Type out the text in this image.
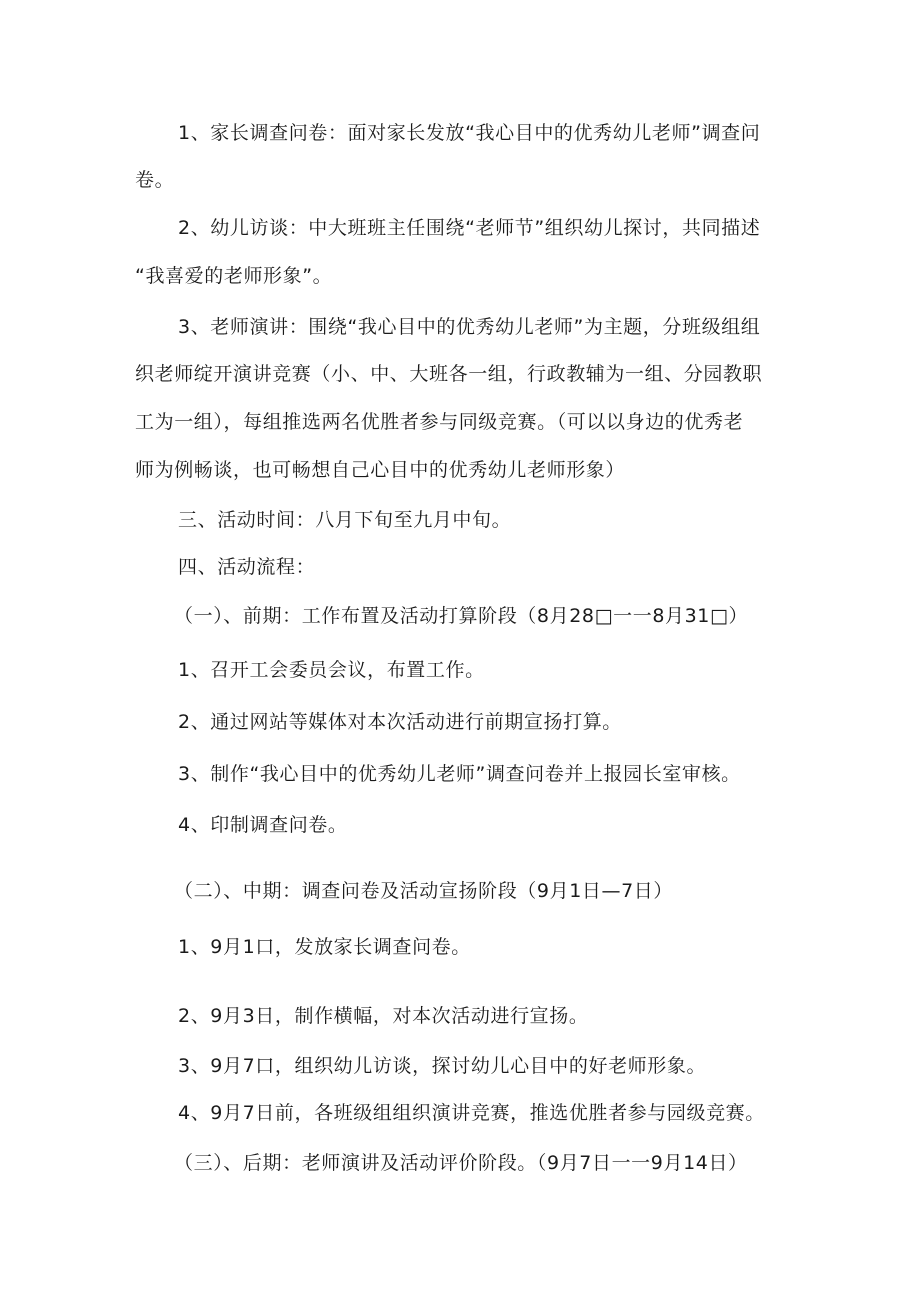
1、家长调查问卷：面对家长发放“我心目中的优秀幼儿老师”调查问
卷。
2、幼儿访谈：中大班班主任围绕“老师节”组织幼儿探讨，共同描述
“我喜爱的老师形象”。
3、老师演讲：围绕“我心目中的优秀幼儿老师”为主题，分班级组组
织老师绽开演讲竞赛（小、中、大班各一组，行政教辅为一组、分园教职
工为一组），每组推选两名优胜者参与同级竞赛。（可以以身边的优秀老
师为例畅谈，也可畅想自己心目中的优秀幼儿老师形象）
三、活动时间：八月下旬至九月中旬。
四、活动流程：
（一）、前期：工作布置及活动打算阶段（8月28□一一8月31□）
1、召开工会委员会议，布置工作。
2、通过网站等媒体对本次活动进行前期宣扬打算。
3、制作“我心目中的优秀幼儿老师”调查问卷并上报园长室审核。
4、印制调查问卷。
（二）、中期：调查问卷及活动宣扬阶段（9月1日—7日）
1、9月1口，发放家长调查问卷。
2、9月3日，制作横幅，对本次活动进行宣扬。
3、9月7口，组织幼儿访谈，探讨幼儿心目中的好老师形象。
4、9月7日前，各班级组组织演讲竞赛，推选优胜者参与园级竞赛。
（三）、后期：老师演讲及活动评价阶段。（9月7日一一9月14日）
